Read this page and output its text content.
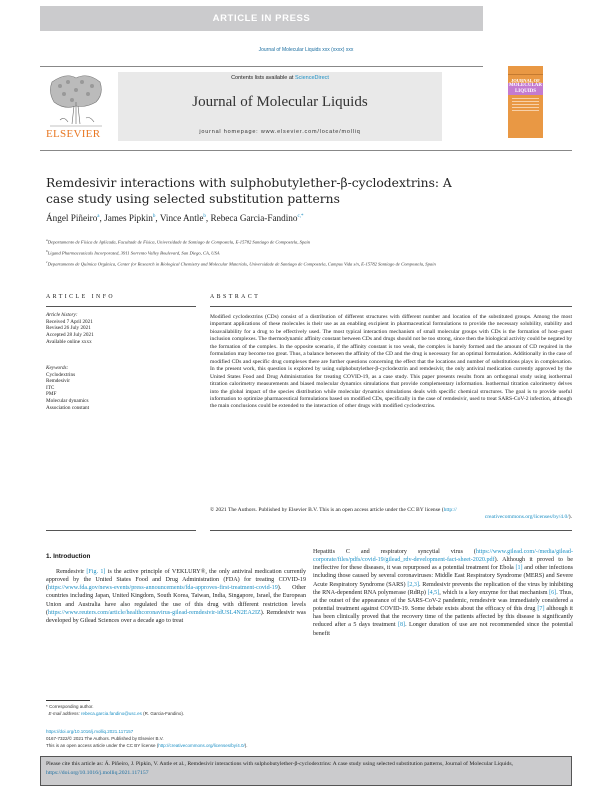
ARTICLE IN PRESS
Journal of Molecular Liquids xxx (xxxx) xxx
ELSEVIER
Contents lists available at ScienceDirect
Journal of Molecular Liquids
journal homepage: www.elsevier.com/locate/molliq
JOURNAL OF
MOLECULAR LIQUIDS
Remdesivir interactions with sulphobutylether-β-cyclodextrins: A case study using selected substitution patterns
Ángel Piñeiro$^a$, James Pipkin$^b$, Vince Antle$^b$, Rebeca Garcia-Fandino$^{c,*}$
$^a$Departamento de Física de Aplicada, Facultade de Física, Universidade de Santiago de Compostela, E-15782 Santiago de Compostela, Spain
$^b$Ligand Pharmaceuticals Incorporated, 3911 Sorrento Valley Boulevard, San Diego, CA, USA
$^c$Departamento de Química Orgánica, Center for Research in Biological Chemistry and Molecular Materials, Universidade de Santiago de Compostela, Campus Vida s/n, E-15782 Santiago de Compostela, Spain
ARTICLE INFO	ABSTRACT
Article history:
Received 7 April 2021
Revised 26 July 2021
Accepted 28 July 2021
Available online xxxx
Keywords:
Cyclodextrins
Remdesivir
ITC
PMF
Molecular dynamics
Association constant
Modified cyclodextrins (CDs) consist of a distribution of different structures with different number and location of the substituted groups. Among the most important applications of these molecules is their use as an enabling excipient in pharmaceutical formulations to provide the necessary solubility, stability and bioavailability for a drug to be effectively used. The most typical interaction mechanism of small molecular groups with CDs is the formation of host–guest inclusion complexes. The thermodynamic affinity constant between CDs and drugs should not be too strong, since then the biological activity could be negated by the formation of the complex. In the opposite scenario, if the affinity constant is too weak, the complex is barely formed and the amount of CD required in the formulation may become too great. Thus, a balance between the affinity of the CD and the drug is necessary for an optimal formulation. Additionally in the case of modified CDs and specific drug complexes there are further questions concerning the effect that the locations and number of substitutions plays in complexation. In the present work, this question is explored by using sulphobutylether-β-cyclodextrin and remdesivir, the only antiviral medication currently approved by the United States Food and Drug Administration for treating COVID-19, as a case study. This paper presents results from an orthogonal study using isothermal titration calorimetry measurements and biased molecular dynamics simulations that provide complementary information. Isothermal titration calorimetry delves into the global impact of the species distribution while molecular dynamics simulations deals with specific chemical structures. The goal is to provide useful information to optimize pharmaceutical formulations based on modified CDs, specifically in the case of remdesivir, used to treat SARS-CoV-2 infection, although the main conclusions could be extended to the interaction of other drugs with modified cyclodextrins.
© 2021 The Authors. Published by Elsevier B.V. This is an open access article under the CC BY license (http://
creativecommons.org/licenses/by/4.0/).
1. Introduction
Remdesivir [Fig. 1] is the active principle of VEKLURY®, the only antiviral medication currently approved by the United States Food and Drug Administration (FDA) for treating COVID-19 (https://www.fda.gov/news-events/press-announcements/fda-approves-first-treatment-covid-19). Other countries including Japan, United Kingdom, South Korea, Taiwan, India, Singapore, Israel, the European Union and Australia have also regulated the use of this drug with different restriction levels (https://www.reuters.com/article/healthcoronavirus-gilead-remdesivir-idUSL4N2EA2IZ). Remdesivir was developed by Gilead Sciences over a decade ago to treat
Hepatitis C and respiratory syncytial virus (https://www.gilead.com/-/media/gilead-corporate/files/pdfs/covid-19/gilead_rdv-development-fact-sheet-2020.pdf). Although it proved to be ineffective for these diseases, it was repurposed as a potential treatment for Ebola [1] and other infections including those caused by several coronaviruses: Middle East Respiratory Syndrome (MERS) and Severe Acute Respiratory Syndrome (SARS) [2,3]. Remdesivir prevents the replication of the virus by inhibiting the RNA-dependent RNA polymerase (RdRp) [4,5], which is a key enzyme for that mechanism [6]. Thus, at the outset of the appearance of the SARS-CoV-2 pandemic, remdesivir was immediately considered a potential treatment against COVID-19. Some debate exists about the efficacy of this drug [7] although it has been clinically proved that the recovery time of the patients affected by this disease is significantly reduced after a 5 days treatment [8]. Longer duration of use are not recommended since the potential benefit
* Corresponding author.
E-mail address: rebeca.garcia.fandino@usc.es (R. Garcia-Fandino).
https://doi.org/10.1016/j.molliq.2021.117157
0167-7322/© 2021 The Authors. Published by Elsevier B.V.
This is an open access article under the CC BY license (http://creativecommons.org/licenses/by/4.0/).
Please cite this article as: Á. Piñeiro, J. Pipkin, V. Antle et al., Remdesivir interactions with sulphobutylether-β-cyclodextrins: A case study using selected substitution patterns, Journal of Molecular Liquids, https://doi.org/10.1016/j.molliq.2021.117157
